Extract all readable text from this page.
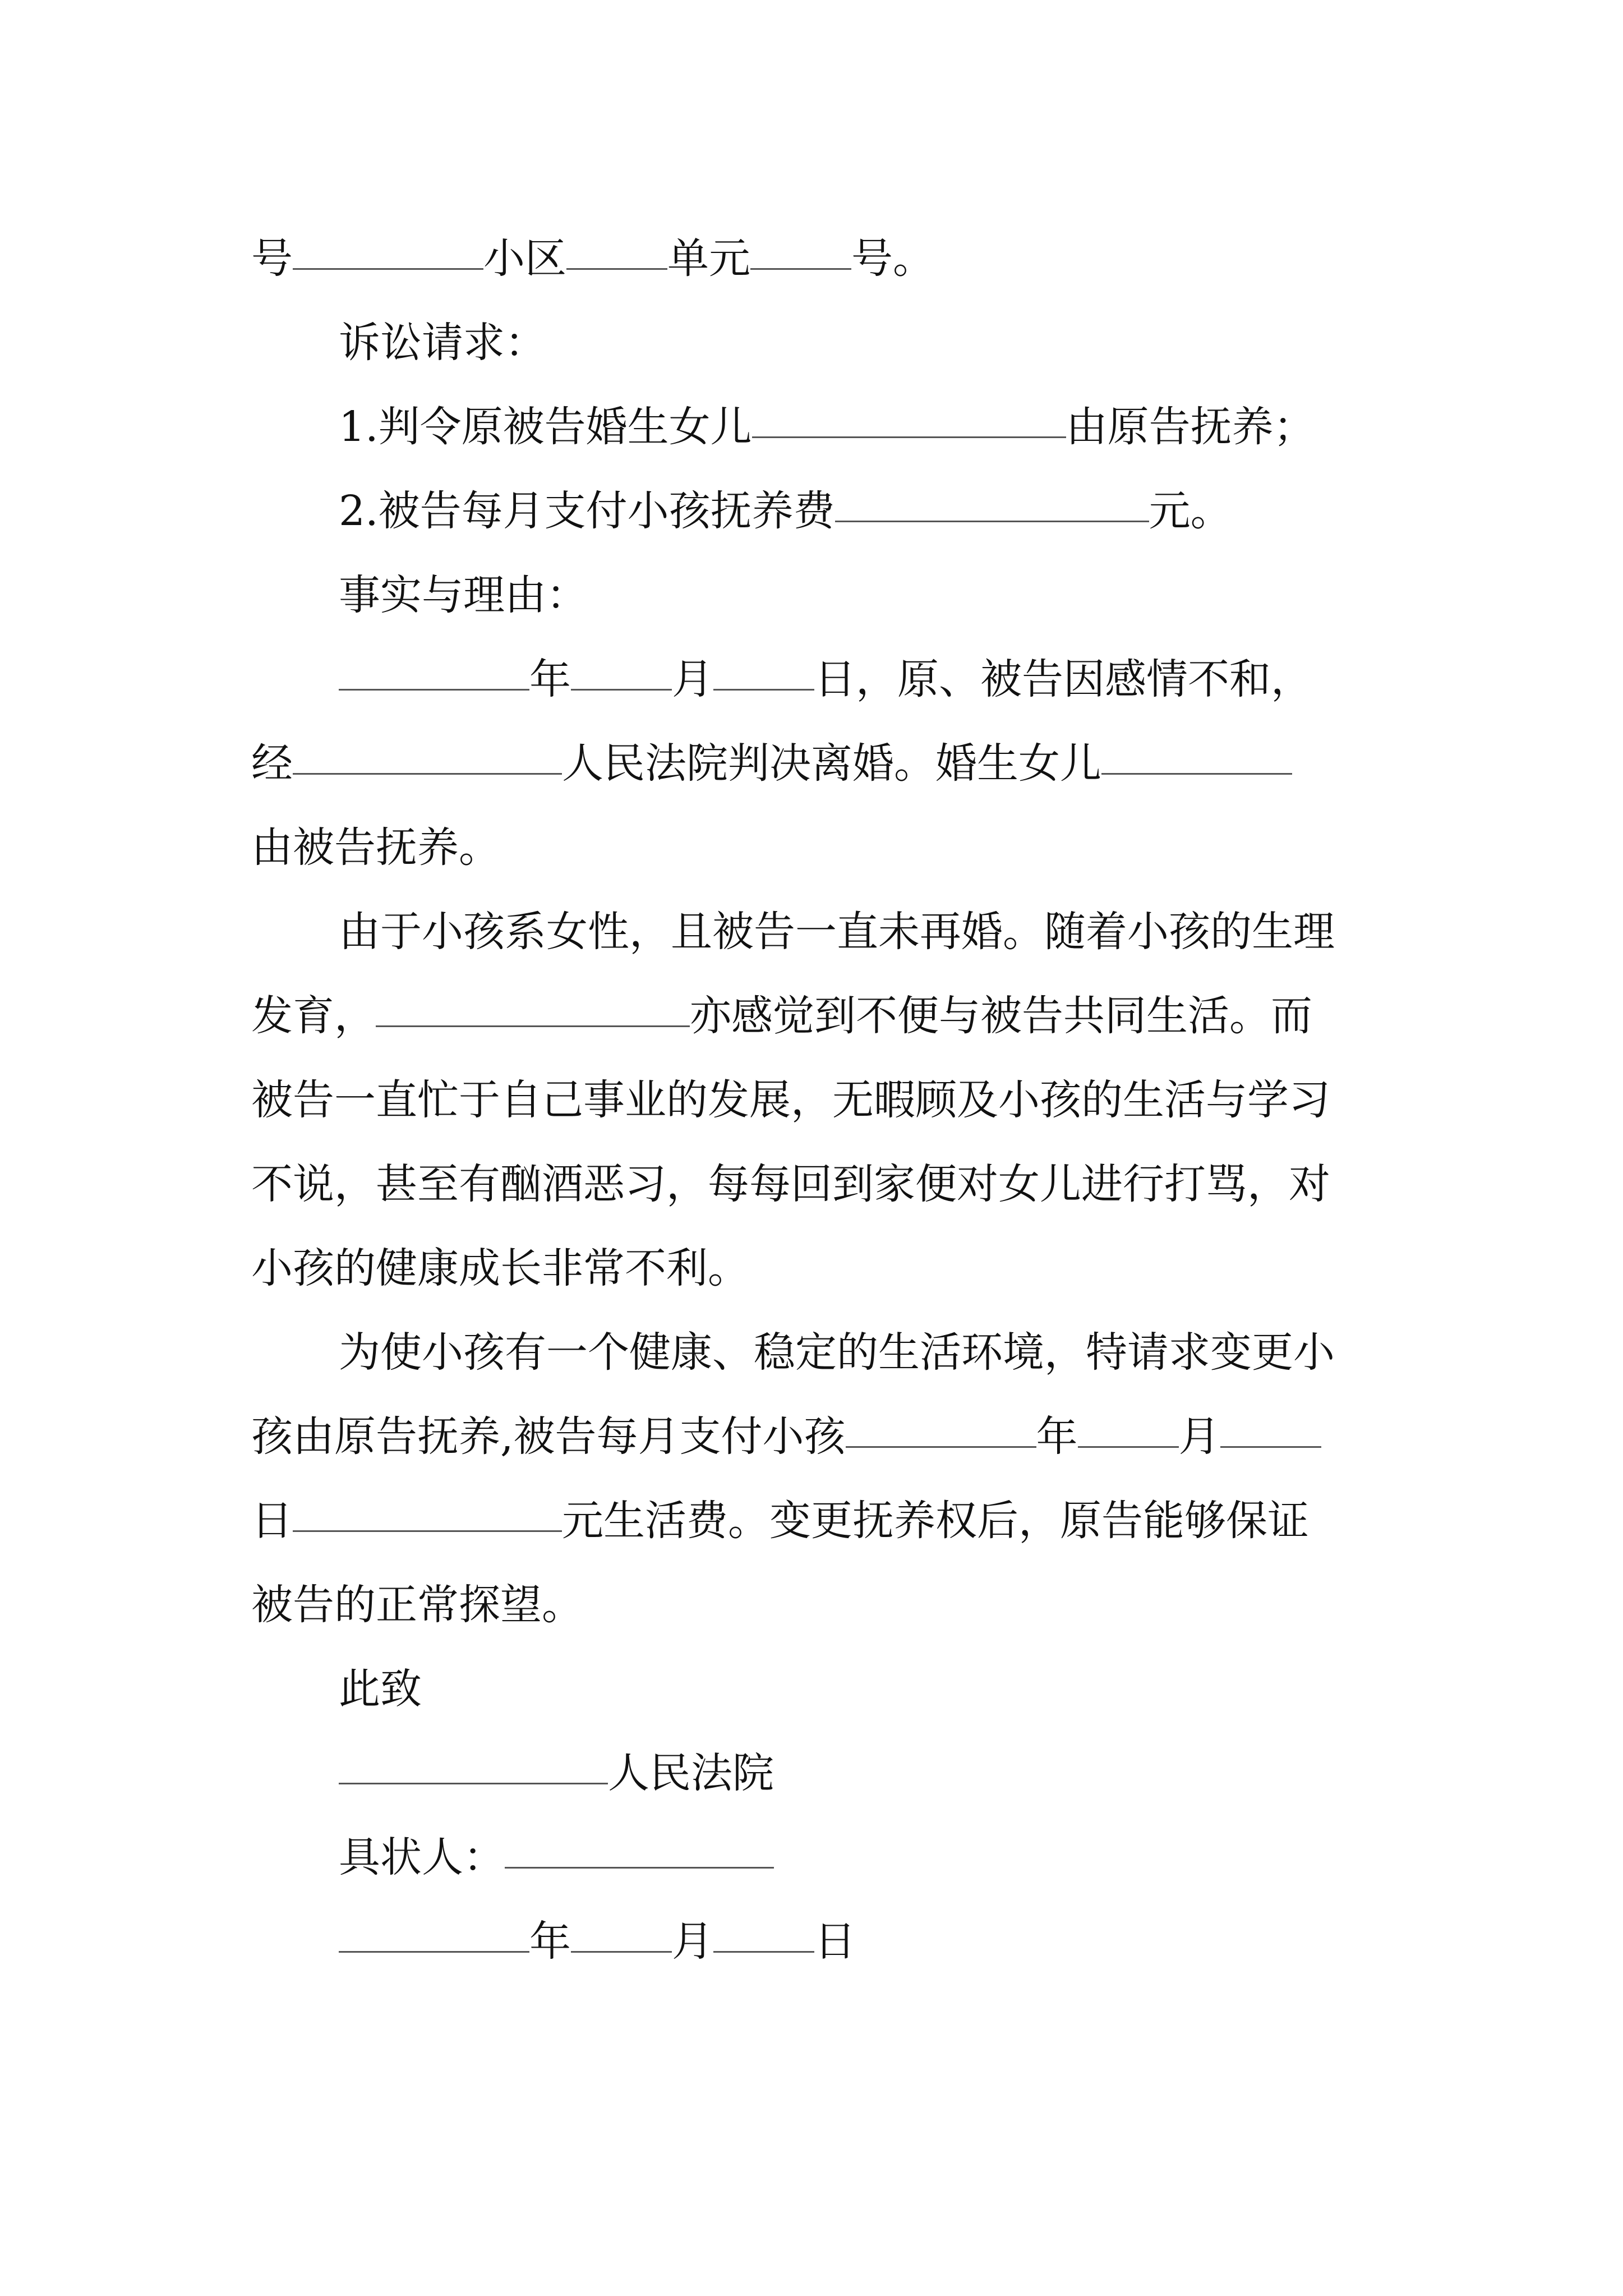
号	小区 单元 号。
诉讼请求：
1.判令原被告婚生女儿	由原告抚养；
2.被告每月支付小孩抚养费	元。
事实与理由：
年 月 日，原、被告因感情不和，
经	人民法院判决离婚。婚生女儿
由被告抚养。
由于小孩系女性，且被告一直未再婚。随着小孩的生理
发育，	亦感觉到不便与被告共同生活。而
被告一直忙于自己事业的发展，无暇顾及小孩的生活与学习
不说，甚至有酗酒恶习，每每回到家便对女儿进行打骂，对
小孩的健康成长非常不利。
为使小孩有一个健康、稳定的生活环境，特请求变更小
孩由原告抚养,被告每月支付小孩	年 月
日	元生活费。变更抚养权后，原告能够保证
被告的正常探望。
此致
人民法院
具状人：
年 月 日
